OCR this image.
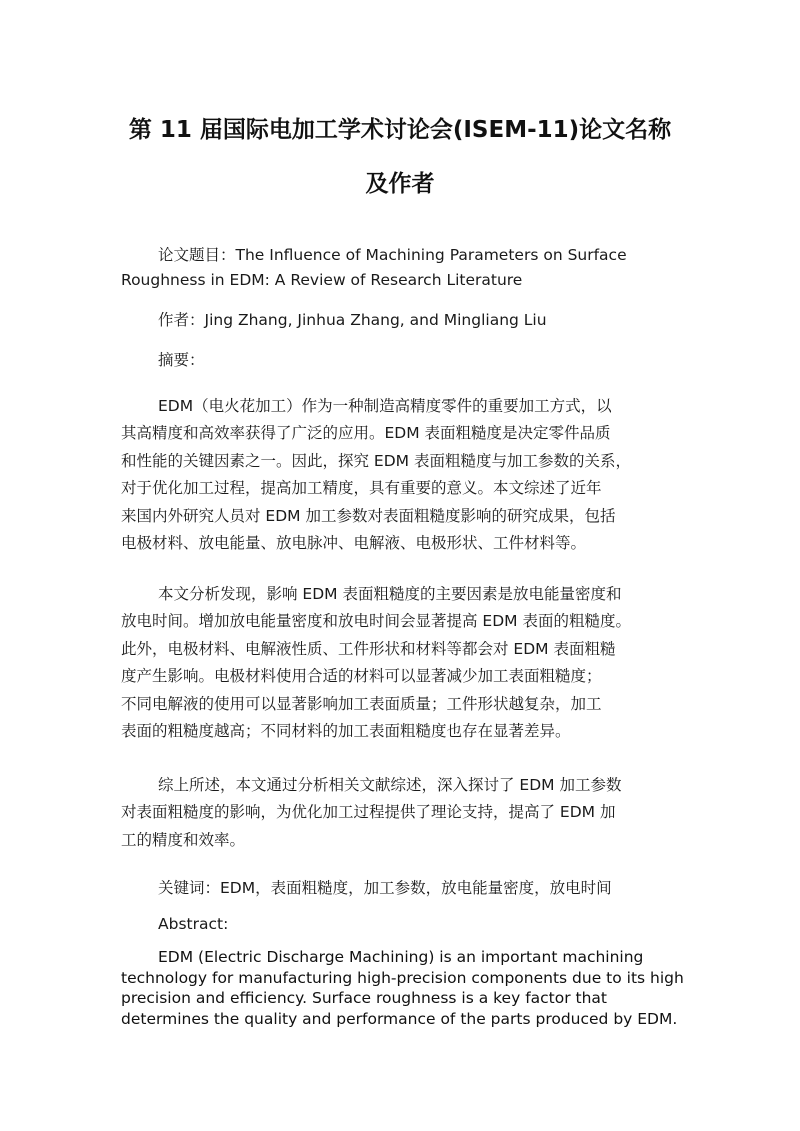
第 11 届国际电加工学术讨论会(ISEM-11)论文名称
及作者
论文题目：The Influence of Machining Parameters on Surface
Roughness in EDM: A Review of Research Literature
作者：Jing Zhang, Jinhua Zhang, and Mingliang Liu
摘要：
EDM（电火花加工）作为一种制造高精度零件的重要加工方式，以
其高精度和高效率获得了广泛的应用。EDM 表面粗糙度是决定零件品质
和性能的关键因素之一。因此，探究 EDM 表面粗糙度与加工参数的关系，
对于优化加工过程，提高加工精度，具有重要的意义。本文综述了近年
来国内外研究人员对 EDM 加工参数对表面粗糙度影响的研究成果，包括
电极材料、放电能量、放电脉冲、电解液、电极形状、工件材料等。
本文分析发现，影响 EDM 表面粗糙度的主要因素是放电能量密度和
放电时间。增加放电能量密度和放电时间会显著提高 EDM 表面的粗糙度。
此外，电极材料、电解液性质、工件形状和材料等都会对 EDM 表面粗糙
度产生影响。电极材料使用合适的材料可以显著减少加工表面粗糙度；
不同电解液的使用可以显著影响加工表面质量；工件形状越复杂，加工
表面的粗糙度越高；不同材料的加工表面粗糙度也存在显著差异。
综上所述，本文通过分析相关文献综述，深入探讨了 EDM 加工参数
对表面粗糙度的影响，为优化加工过程提供了理论支持，提高了 EDM 加
工的精度和效率。
关键词：EDM，表面粗糙度，加工参数，放电能量密度，放电时间
Abstract:
EDM (Electric Discharge Machining) is an important machining
technology for manufacturing high-precision components due to its high
precision and efficiency. Surface roughness is a key factor that
determines the quality and performance of the parts produced by EDM.
